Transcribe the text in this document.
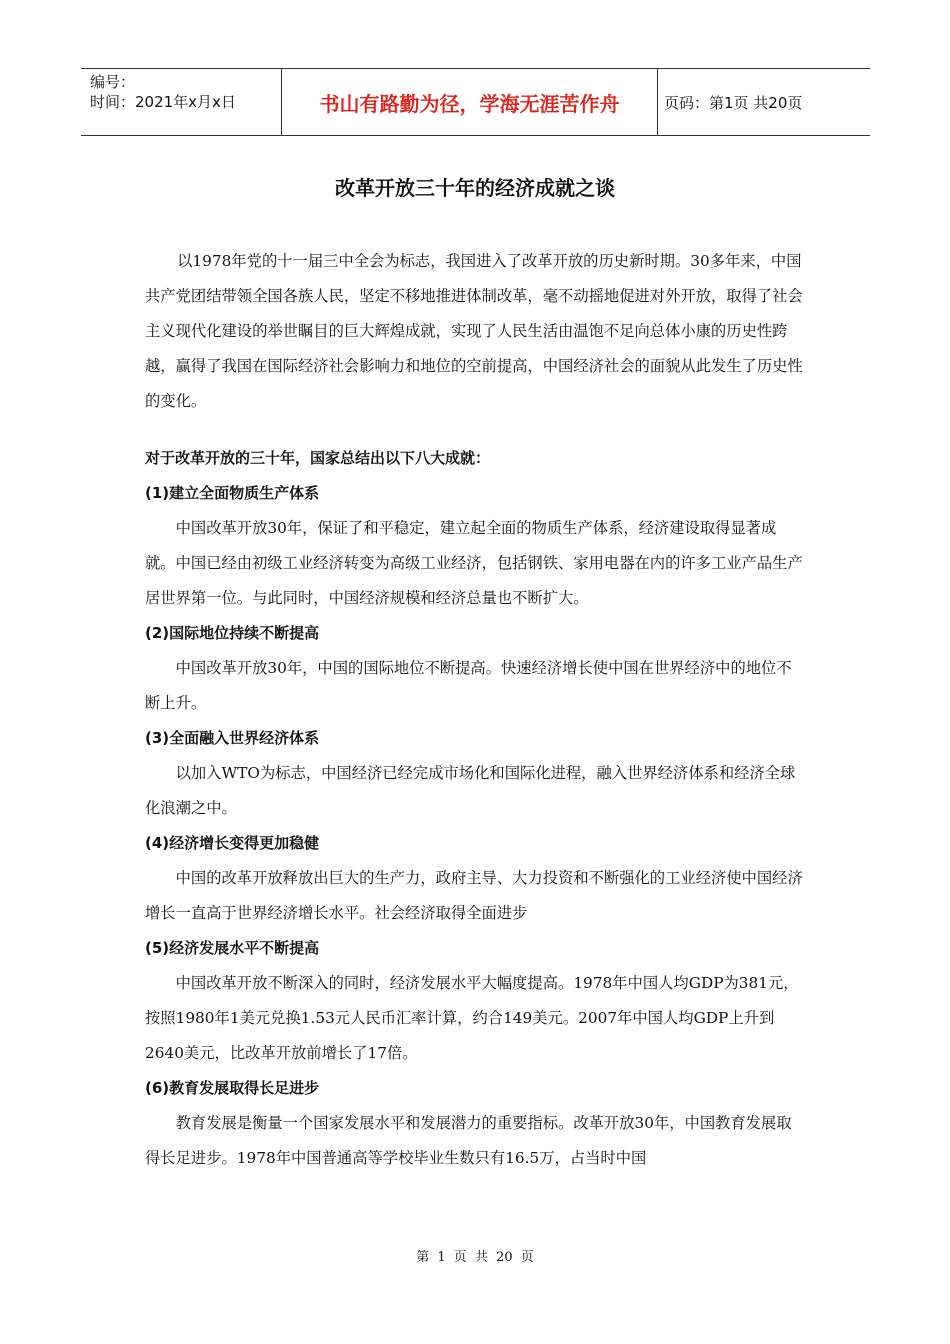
编号：
时间：2021年x月x日	书山有路勤为径，学海无涯苦作舟	页码：第1页 共20页
改革开放三十年的经济成就之谈

以1978年党的十一届三中全会为标志，我国进入了改革开放的历史新时期。30多年来，中国共产党团结带领全国各族人民，坚定不移地推进体制改革，毫不动摇地促进对外开放，取得了社会主义现代化建设的举世瞩目的巨大辉煌成就，实现了人民生活由温饱不足向总体小康的历史性跨越，赢得了我国在国际经济社会影响力和地位的空前提高，中国经济社会的面貌从此发生了历史性的变化。

对于改革开放的三十年，国家总结出以下八大成就：

(1)建立全面物质生产体系

中国改革开放30年，保证了和平稳定，建立起全面的物质生产体系，经济建设取得显著成就。中国已经由初级工业经济转变为高级工业经济，包括钢铁、家用电器在内的许多工业产品生产居世界第一位。与此同时，中国经济规模和经济总量也不断扩大。

(2)国际地位持续不断提高

中国改革开放30年，中国的国际地位不断提高。快速经济增长使中国在世界经济中的地位不断上升。

(3)全面融入世界经济体系

以加入WTO为标志，中国经济已经完成市场化和国际化进程，融入世界经济体系和经济全球化浪潮之中。

(4)经济增长变得更加稳健

中国的改革开放释放出巨大的生产力，政府主导、大力投资和不断强化的工业经济使中国经济增长一直高于世界经济增长水平。社会经济取得全面进步

(5)经济发展水平不断提高

中国改革开放不断深入的同时，经济发展水平大幅度提高。1978年中国人均GDP为381元，按照1980年1美元兑换1.53元人民币汇率计算，约合149美元。2007年中国人均GDP上升到2640美元，比改革开放前增长了17倍。

(6)教育发展取得长足进步

教育发展是衡量一个国家发展水平和发展潜力的重要指标。改革开放30年，中国教育发展取得长足进步。1978年中国普通高等学校毕业生数只有16.5万，占当时中国

第 1 页 共 20 页
